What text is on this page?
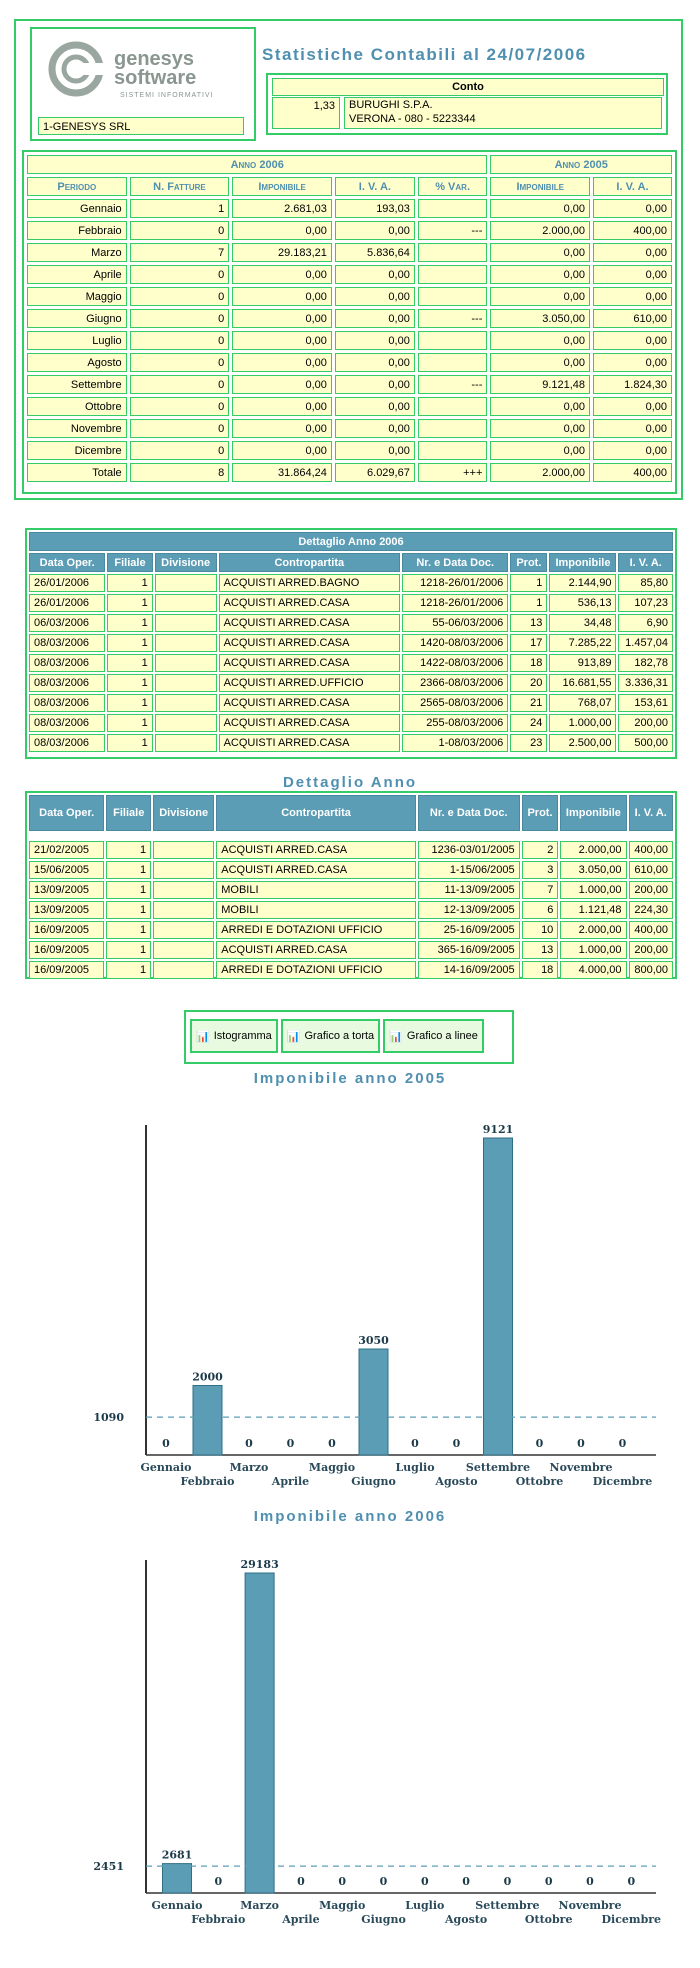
genesys
software
SISTEMI INFORMATIVI
1-GENESYS SRL
Statistiche Contabili al 24/07/2006
Conto
1,33	BURUGHI S.P.A.
VERONA - 080 - 5223344
Anno 2006					Anno 2005	
Periodo	N. Fatture	Imponibile	I. V. A.	% Var.	Imponibile	I. V. A.
Gennaio	1	2.681,03	193,03		0,00	0,00
Febbraio	0	0,00	0,00	---	2.000,00	400,00
Marzo	7	29.183,21	5.836,64		0,00	0,00
Aprile	0	0,00	0,00		0,00	0,00
Maggio	0	0,00	0,00		0,00	0,00
Giugno	0	0,00	0,00	---	3.050,00	610,00
Luglio	0	0,00	0,00		0,00	0,00
Agosto	0	0,00	0,00		0,00	0,00
Settembre	0	0,00	0,00	---	9.121,48	1.824,30
Ottobre	0	0,00	0,00		0,00	0,00
Novembre	0	0,00	0,00		0,00	0,00
Dicembre	0	0,00	0,00		0,00	0,00
Totale	8	31.864,24	6.029,67	+++	2.000,00	400,00
Dettaglio Anno 2006							
Data Oper.	Filiale	Divisione	Contropartita	Nr. e Data Doc.	Prot.	Imponibile	I. V. A.
26/01/2006	1		ACQUISTI ARRED.BAGNO	1218-26/01/2006	1	2.144,90	85,80
26/01/2006	1		ACQUISTI ARRED.CASA	1218-26/01/2006	1	536,13	107,23
06/03/2006	1		ACQUISTI ARRED.CASA	55-06/03/2006	13	34,48	6,90
08/03/2006	1		ACQUISTI ARRED.CASA	1420-08/03/2006	17	7.285,22	1.457,04
08/03/2006	1		ACQUISTI ARRED.CASA	1422-08/03/2006	18	913,89	182,78
08/03/2006	1		ACQUISTI ARRED.UFFICIO	2366-08/03/2006	20	16.681,55	3.336,31
08/03/2006	1		ACQUISTI ARRED.CASA	2565-08/03/2006	21	768,07	153,61
08/03/2006	1		ACQUISTI ARRED.CASA	255-08/03/2006	24	1.000,00	200,00
08/03/2006	1		ACQUISTI ARRED.CASA	1-08/03/2006	23	2.500,00	500,00
Dettaglio Anno
Data Oper.	Filiale	Divisione	Contropartita	Nr. e Data Doc.	Prot.	Imponibile	I. V. A.

21/02/2005	1		ACQUISTI ARRED.CASA	1236-03/01/2005	2	2.000,00	400,00
15/06/2005	1		ACQUISTI ARRED.CASA	1-15/06/2005	3	3.050,00	610,00
13/09/2005	1		MOBILI	11-13/09/2005	7	1.000,00	200,00
13/09/2005	1		MOBILI	12-13/09/2005	6	1.121,48	224,30
16/09/2005	1		ARREDI E DOTAZIONI UFFICIO	25-16/09/2005	10	2.000,00	400,00
16/09/2005	1		ACQUISTI ARRED.CASA	365-16/09/2005	13	1.000,00	200,00
16/09/2005	1		ARREDI E DOTAZIONI UFFICIO	14-16/09/2005	18	4.000,00	800,00
📊 Istogramma 📊 Grafico a torta 📊 Grafico a linee
Imponibile anno 2005
0
Gennaio
2000
Febbraio
0
Marzo
0
Aprile
0
Maggio
3050
Giugno
0
Luglio
0
Agosto
9121
Settembre
0
Ottobre
0
Novembre
0
Dicembre
1090
Imponibile anno 2006
2681
Gennaio
0
Febbraio
29183
Marzo
0
Aprile
0
Maggio
0
Giugno
0
Luglio
0
Agosto
0
Settembre
0
Ottobre
0
Novembre
0
Dicembre
2451
